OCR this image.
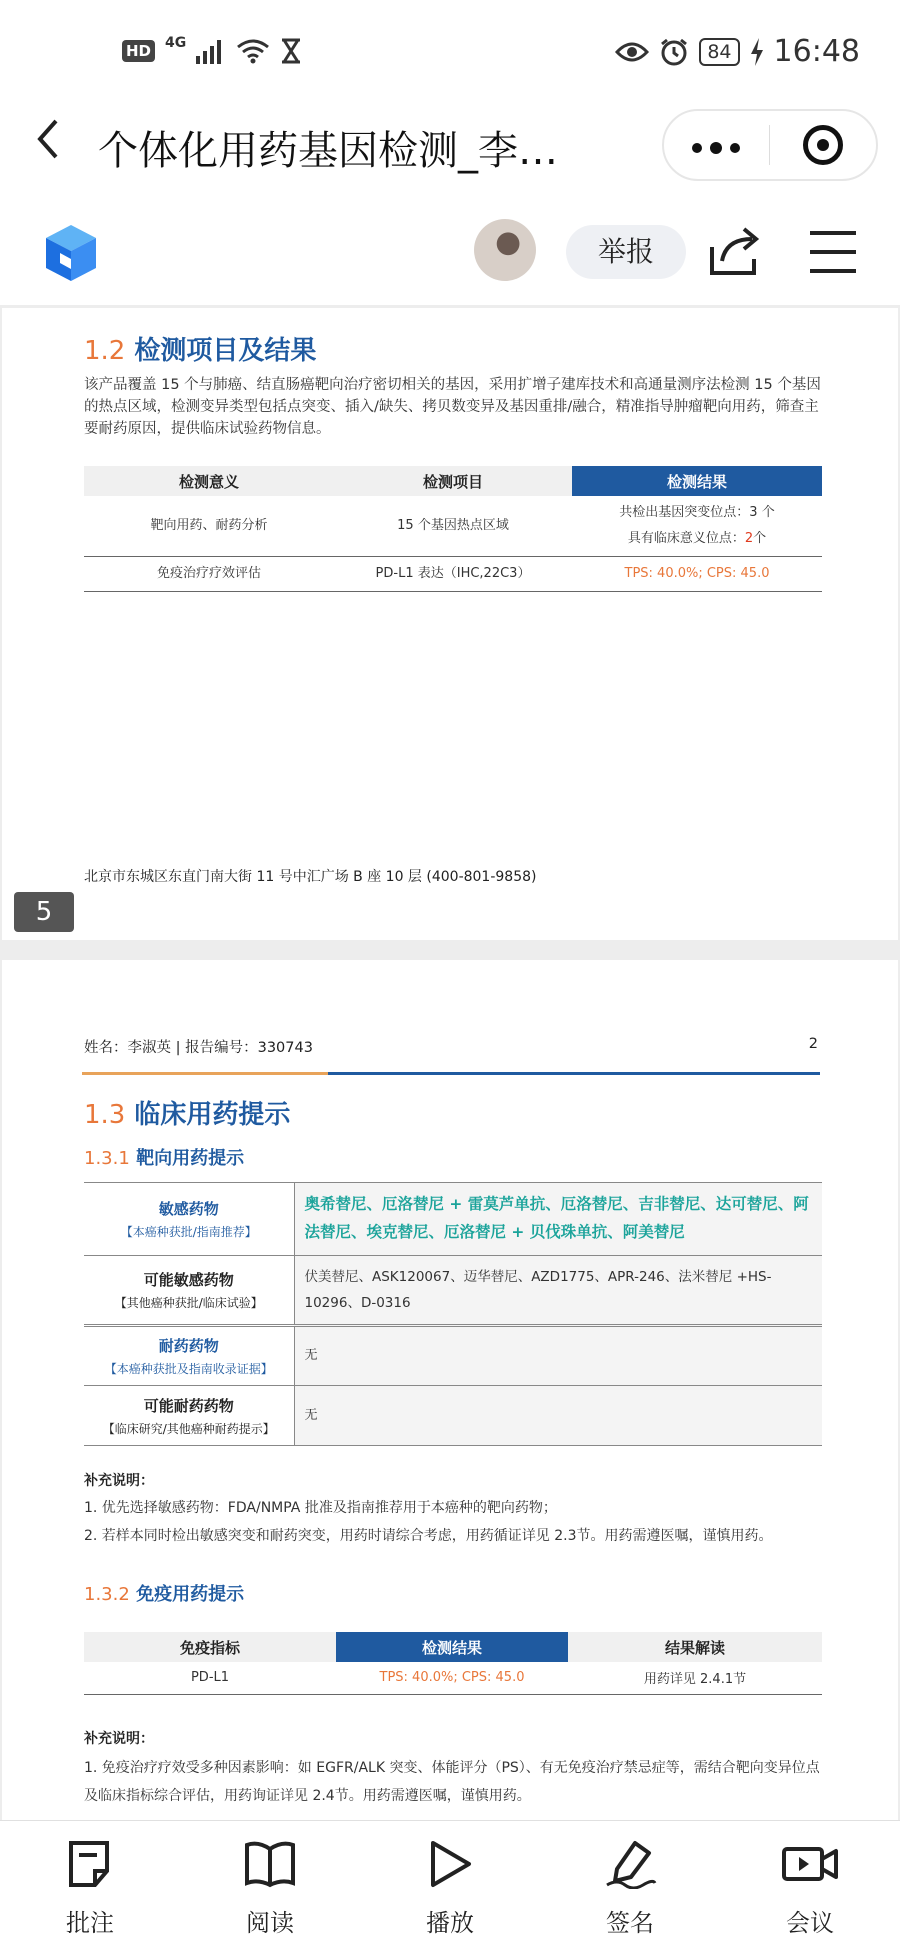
HD 4G	84 16:48
个体化用药基因检测_李…
举报
1.2 检测项目及结果
该产品覆盖 15 个与肺癌、结直肠癌靶向治疗密切相关的基因，采用扩增子建库技术和高通量测序法检测 15 个基因的热点区域，检测变异类型包括点突变、插入/缺失、拷贝数变异及基因重排/融合，精准指导肿瘤靶向用药，筛查主要耐药原因，提供临床试验药物信息。
检测意义	检测项目	检测结果
靶向用药、耐药分析	15 个基因热点区域	共检出基因突变位点：3 个
具有临床意义位点：2个

免疫治疗疗效评估	PD-L1 表达（IHC,22C3）	TPS: 40.0%; CPS: 45.0
北京市东城区东直门南大街 11 号中汇广场 B 座 10 层 (400-801-9858)
5
姓名：李淑英 | 报告编号：330743	2
1.3 临床用药提示
1.3.1 靶向用药提示
敏感药物
【本癌种获批/指南推荐】	奥希替尼、厄洛替尼 + 雷莫芦单抗、厄洛替尼、吉非替尼、达可替尼、阿法替尼、埃克替尼、厄洛替尼 + 贝伐珠单抗、阿美替尼

可能敏感药物
【其他癌种获批/临床试验】	伏美替尼、ASK120067、迈华替尼、AZD1775、APR-246、法米替尼 +HS-10296、D-0316

耐药药物
【本癌种获批及指南收录证据】	无

可能耐药药物
【临床研究/其他癌种耐药提示】	无
补充说明：
1. 优先选择敏感药物：FDA/NMPA 批准及指南推荐用于本癌种的靶向药物；
2. 若样本同时检出敏感突变和耐药突变，用药时请综合考虑，用药循证详见 2.3节。用药需遵医嘱，谨慎用药。
1.3.2 免疫用药提示
免疫指标	检测结果	结果解读
PD-L1	TPS: 40.0%; CPS: 45.0	用药详见 2.4.1节
补充说明：
1. 免疫治疗疗效受多种因素影响：如 EGFR/ALK 突变、体能评分（PS）、有无免疫治疗禁忌症等，需结合靶向变异位点及临床指标综合评估，用药询证详见 2.4节。用药需遵医嘱，谨慎用药。
批注	阅读	播放	签名	会议
